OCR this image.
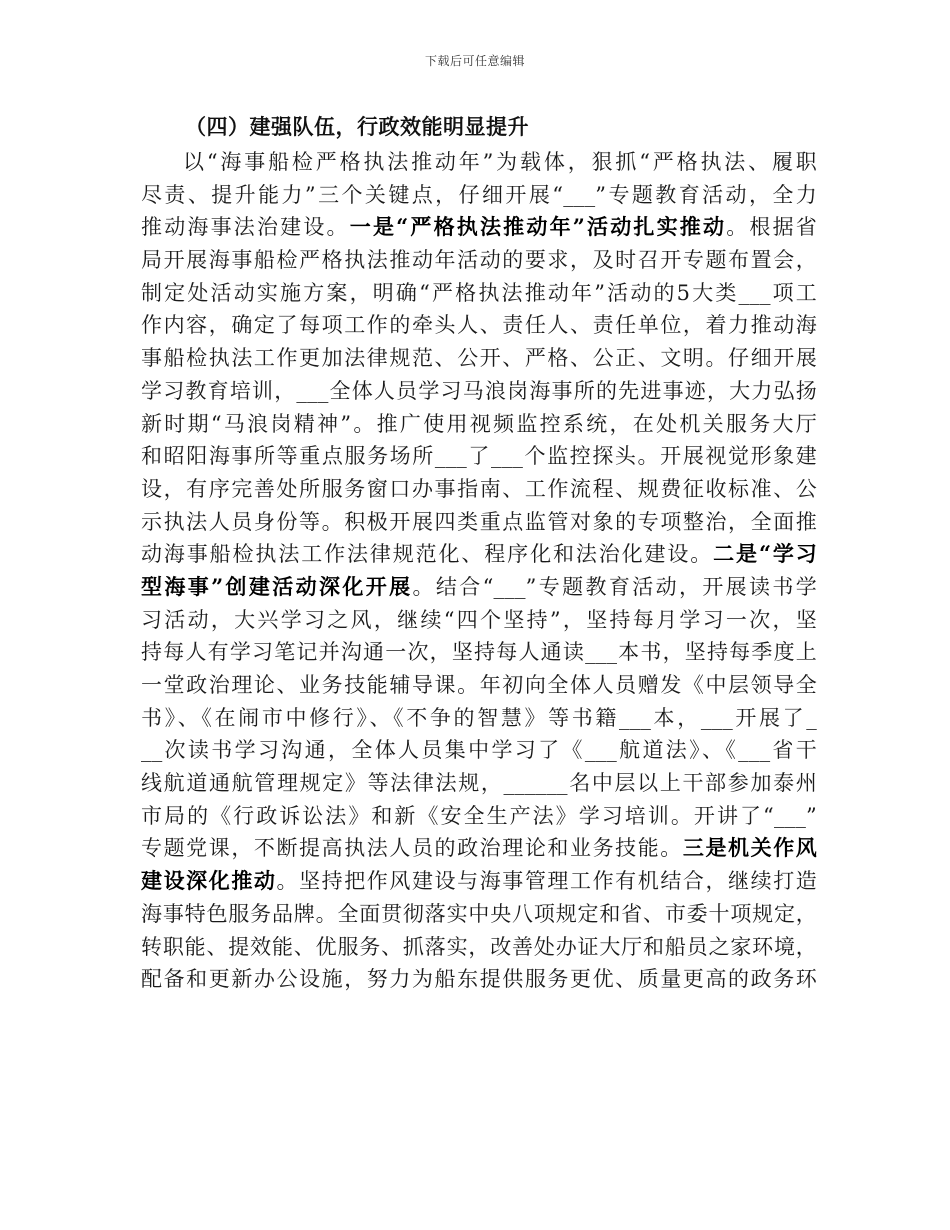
下载后可任意编辑
（四）建强队伍，行政效能明显提升
以“海事船检严格执法推动年”为载体，狠抓“严格执法、履职
尽责、提升能力”三个关键点，仔细开展“___”专题教育活动，全力
推动海事法治建设。一是“严格执法推动年”活动扎实推动。根据省
局开展海事船检严格执法推动年活动的要求，及时召开专题布置会，
制定处活动实施方案，明确“严格执法推动年”活动的5大类___项工
作内容，确定了每项工作的牵头人、责任人、责任单位，着力推动海
事船检执法工作更加法律规范、公开、严格、公正、文明。仔细开展
学习教育培训，___全体人员学习马浪岗海事所的先进事迹，大力弘扬
新时期“马浪岗精神”。推广使用视频监控系统，在处机关服务大厅
和昭阳海事所等重点服务场所___了___个监控探头。开展视觉形象建
设，有序完善处所服务窗口办事指南、工作流程、规费征收标准、公
示执法人员身份等。积极开展四类重点监管对象的专项整治，全面推
动海事船检执法工作法律规范化、程序化和法治化建设。二是“学习
型海事”创建活动深化开展。结合“___”专题教育活动，开展读书学
习活动，大兴学习之风，继续“四个坚持”，坚持每月学习一次，坚
持每人有学习笔记并沟通一次，坚持每人通读___本书，坚持每季度上
一堂政治理论、业务技能辅导课。年初向全体人员赠发《中层领导全
书》、《在闹市中修行》、《不争的智慧》等书籍___本，___开展了_
__次读书学习沟通，全体人员集中学习了《___航道法》、《___省干
线航道通航管理规定》等法律法规，______名中层以上干部参加泰州
市局的《行政诉讼法》和新《安全生产法》学习培训。开讲了“___”
专题党课，不断提高执法人员的政治理论和业务技能。三是机关作风
建设深化推动。坚持把作风建设与海事管理工作有机结合，继续打造
海事特色服务品牌。全面贯彻落实中央八项规定和省、市委十项规定，
转职能、提效能、优服务、抓落实，改善处办证大厅和船员之家环境，
配备和更新办公设施，努力为船东提供服务更优、质量更高的政务环
